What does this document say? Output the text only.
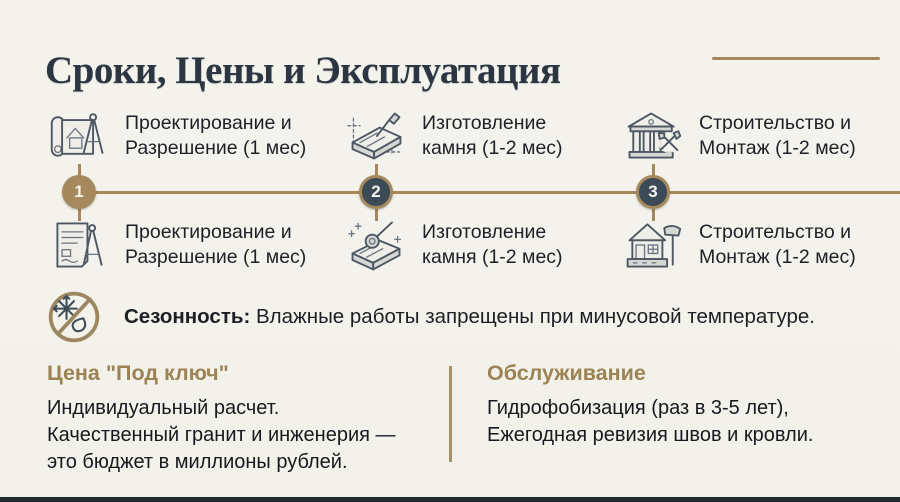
Сроки, Цены и Эксплуатация
Проектирование и
Разрешение (1 мес)
Изготовление
камня (1-2 мес)
Строительство и
Монтаж (1-2 мес)
1	2	3
Проектирование и
Разрешение (1 мес)
Изготовление
камня (1-2 мес)
Строительство и
Монтаж (1-2 мес)
Сезонность: Влажные работы запрещены при минусовой температуре.

Цена "Под ключ"

Индивидуальный расчет. Качественный гранит и инженерия — это бюджет в миллионы рублей.

Обслуживание

Гидрофобизация (раз в 3-5 лет), Ежегодная ревизия швов и кровли.
